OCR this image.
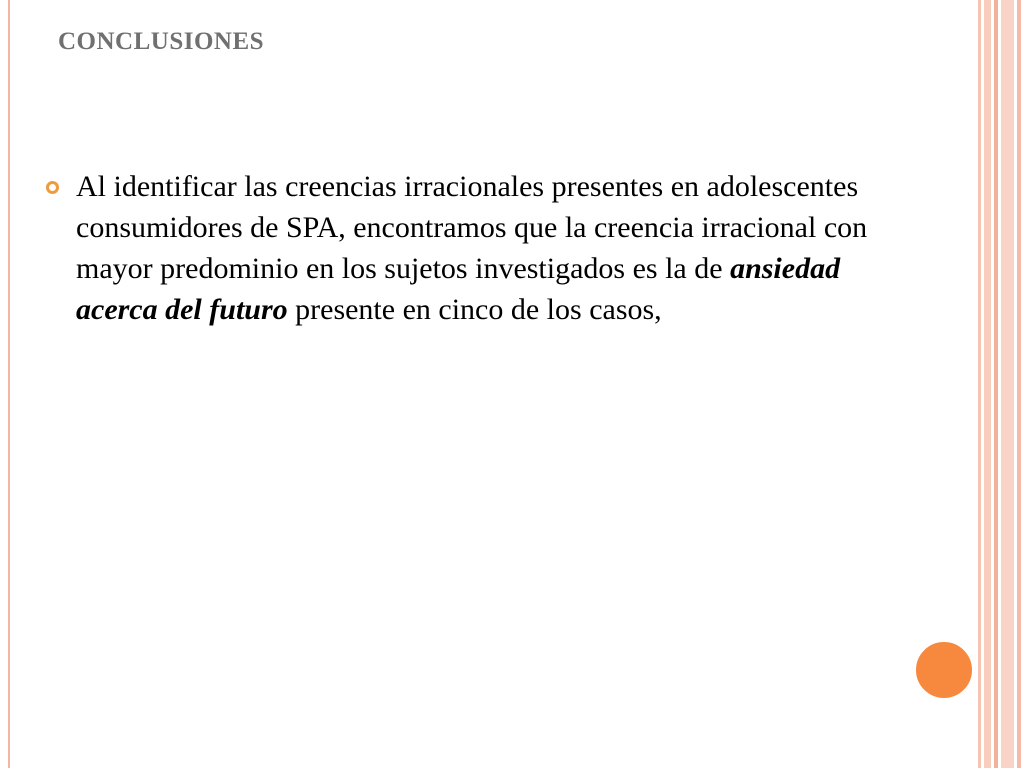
CONCLUSIONES

Al identificar las creencias irracionales presentes en adolescentes consumidores de SPA, encontramos que la creencia irracional con mayor predominio en los sujetos investigados es la de ansiedad acerca del futuro presente en cinco de los casos,
